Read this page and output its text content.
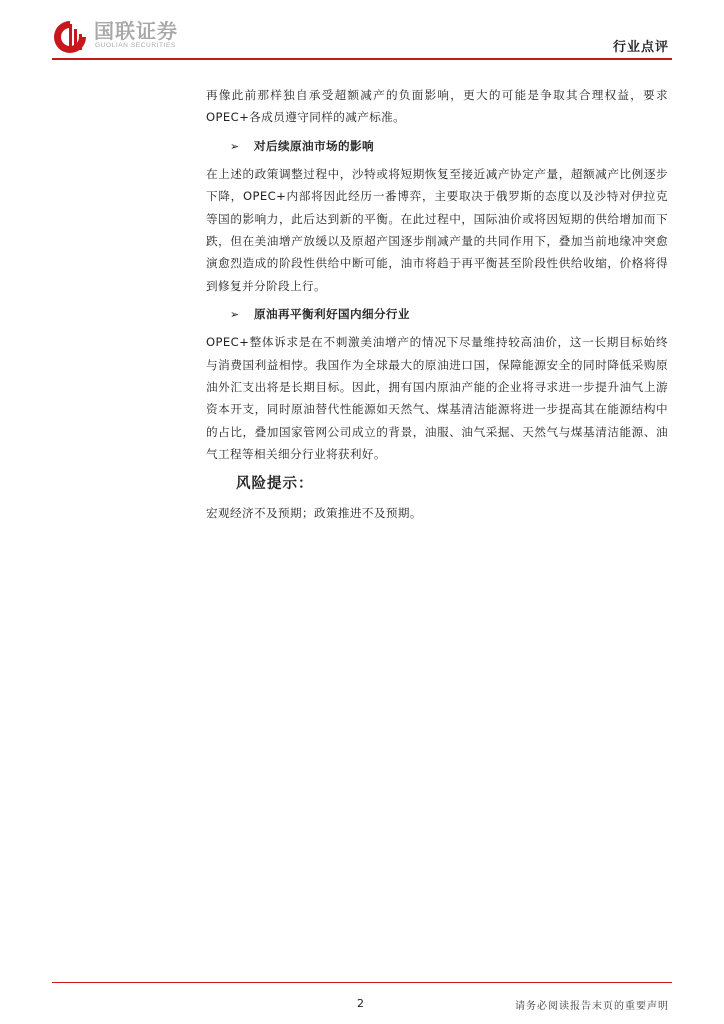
国联证券
GUOLIAN SECURITIES	行业点评

再像此前那样独自承受超额减产的负面影响，更大的可能是争取其合理权益，要求OPEC+各成员遵守同样的减产标准。

➢ 对后续原油市场的影响

在上述的政策调整过程中，沙特或将短期恢复至接近减产协定产量，超额减产比例逐步下降，OPEC+内部将因此经历一番博弈，主要取决于俄罗斯的态度以及沙特对伊拉克等国的影响力，此后达到新的平衡。在此过程中，国际油价或将因短期的供给增加而下跌，但在美油增产放缓以及原超产国逐步削减产量的共同作用下，叠加当前地缘冲突愈演愈烈造成的阶段性供给中断可能，油市将趋于再平衡甚至阶段性供给收缩，价格将得到修复并分阶段上行。

➢ 原油再平衡利好国内细分行业

OPEC+整体诉求是在不刺激美油增产的情况下尽量维持较高油价，这一长期目标始终与消费国利益相悖。我国作为全球最大的原油进口国，保障能源安全的同时降低采购原油外汇支出将是长期目标。因此，拥有国内原油产能的企业将寻求进一步提升油气上游资本开支，同时原油替代性能源如天然气、煤基清洁能源将进一步提高其在能源结构中的占比，叠加国家管网公司成立的背景，油服、油气采掘、天然气与煤基清洁能源、油气工程等相关细分行业将获利好。

风险提示：

宏观经济不及预期；政策推进不及预期。

2	请务必阅读报告末页的重要声明
